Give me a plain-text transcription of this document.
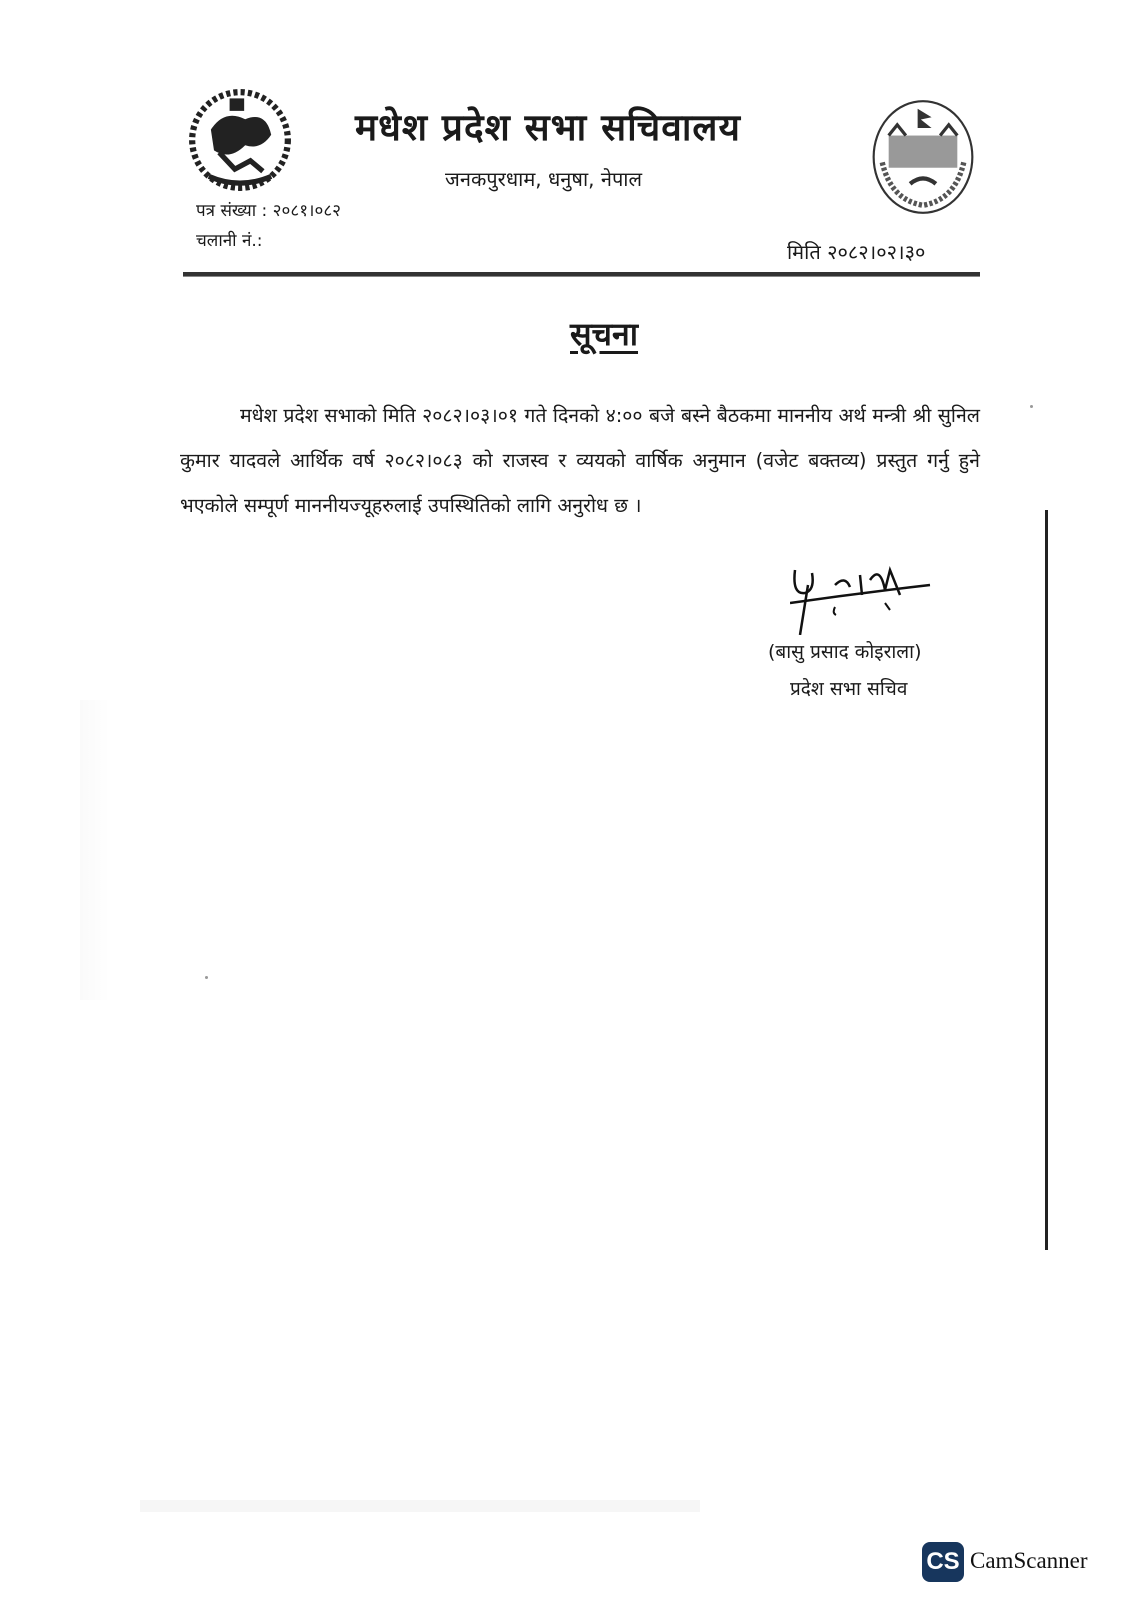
मधेश प्रदेश सभा सचिवालय
जनकपुरधाम, धनुषा, नेपाल
पत्र संख्या : २०८१।०८२
चलानी नं.:	मिति २०८२।०२।३०
सूचना
मधेश प्रदेश सभाको मिति २०८२।०३।०१ गते दिनको ४:०० बजे बस्ने बैठकमा माननीय अर्थ मन्त्री श्री सुनिल कुमार यादवले आर्थिक वर्ष २०८२।०८३ को राजस्व र व्ययको वार्षिक अनुमान (वजेट बक्तव्य) प्रस्तुत गर्नु हुने भएकोले सम्पूर्ण माननीयज्यूहरुलाई उपस्थितिको लागि अनुरोध छ ।
(बासु प्रसाद कोइराला)
प्रदेश सभा सचिव
CS CamScanner
